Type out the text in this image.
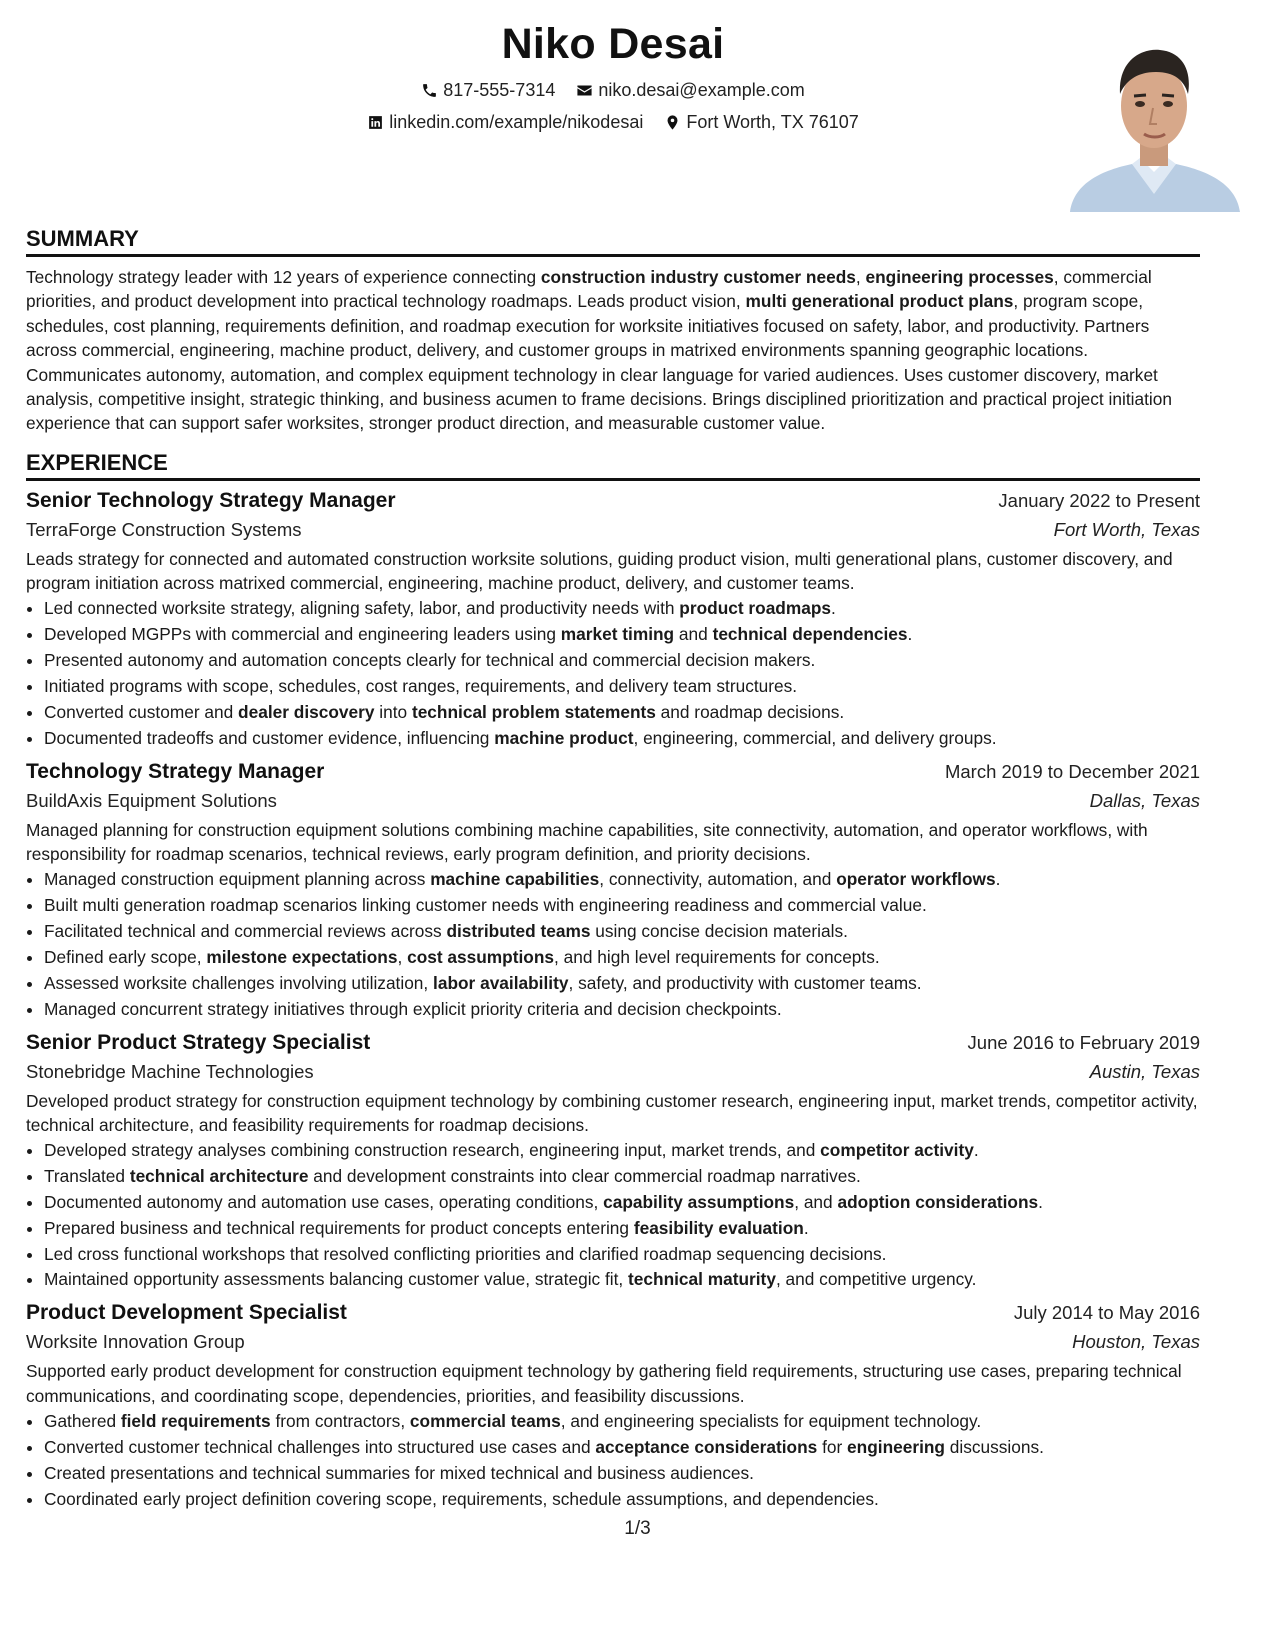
Niko Desai
817-555-7314
niko.desai@example.com
linkedin.com/example/nikodesai
Fort Worth, TX 76107
SUMMARY
Technology strategy leader with 12 years of experience connecting construction industry customer needs, engineering processes, commercial priorities, and product development into practical technology roadmaps. Leads product vision, multi generational product plans, program scope, schedules, cost planning, requirements definition, and roadmap execution for worksite initiatives focused on safety, labor, and productivity. Partners across commercial, engineering, machine product, delivery, and customer groups in matrixed environments spanning geographic locations. Communicates autonomy, automation, and complex equipment technology in clear language for varied audiences. Uses customer discovery, market analysis, competitive insight, strategic thinking, and business acumen to frame decisions. Brings disciplined prioritization and practical project initiation experience that can support safer worksites, stronger product direction, and measurable customer value.
EXPERIENCE
Senior Technology Strategy Manager	January 2022 to Present
TerraForge Construction Systems	Fort Worth, Texas
Leads strategy for connected and automated construction worksite solutions, guiding product vision, multi generational plans, customer discovery, and program initiation across matrixed commercial, engineering, machine product, delivery, and customer teams.
• Led connected worksite strategy, aligning safety, labor, and productivity needs with product roadmaps.
• Developed MGPPs with commercial and engineering leaders using market timing and technical dependencies.
• Presented autonomy and automation concepts clearly for technical and commercial decision makers.
• Initiated programs with scope, schedules, cost ranges, requirements, and delivery team structures.
• Converted customer and dealer discovery into technical problem statements and roadmap decisions.
• Documented tradeoffs and customer evidence, influencing machine product, engineering, commercial, and delivery groups.
Technology Strategy Manager	March 2019 to December 2021
BuildAxis Equipment Solutions	Dallas, Texas
Managed planning for construction equipment solutions combining machine capabilities, site connectivity, automation, and operator workflows, with responsibility for roadmap scenarios, technical reviews, early program definition, and priority decisions.
• Managed construction equipment planning across machine capabilities, connectivity, automation, and operator workflows.
• Built multi generation roadmap scenarios linking customer needs with engineering readiness and commercial value.
• Facilitated technical and commercial reviews across distributed teams using concise decision materials.
• Defined early scope, milestone expectations, cost assumptions, and high level requirements for concepts.
• Assessed worksite challenges involving utilization, labor availability, safety, and productivity with customer teams.
• Managed concurrent strategy initiatives through explicit priority criteria and decision checkpoints.
Senior Product Strategy Specialist	June 2016 to February 2019
Stonebridge Machine Technologies	Austin, Texas
Developed product strategy for construction equipment technology by combining customer research, engineering input, market trends, competitor activity, technical architecture, and feasibility requirements for roadmap decisions.
• Developed strategy analyses combining construction research, engineering input, market trends, and competitor activity.
• Translated technical architecture and development constraints into clear commercial roadmap narratives.
• Documented autonomy and automation use cases, operating conditions, capability assumptions, and adoption considerations.
• Prepared business and technical requirements for product concepts entering feasibility evaluation.
• Led cross functional workshops that resolved conflicting priorities and clarified roadmap sequencing decisions.
• Maintained opportunity assessments balancing customer value, strategic fit, technical maturity, and competitive urgency.
Product Development Specialist	July 2014 to May 2016
Worksite Innovation Group	Houston, Texas
Supported early product development for construction equipment technology by gathering field requirements, structuring use cases, preparing technical communications, and coordinating scope, dependencies, priorities, and feasibility discussions.
• Gathered field requirements from contractors, commercial teams, and engineering specialists for equipment technology.
• Converted customer technical challenges into structured use cases and acceptance considerations for engineering discussions.
• Created presentations and technical summaries for mixed technical and business audiences.
• Coordinated early project definition covering scope, requirements, schedule assumptions, and dependencies.
1/3
